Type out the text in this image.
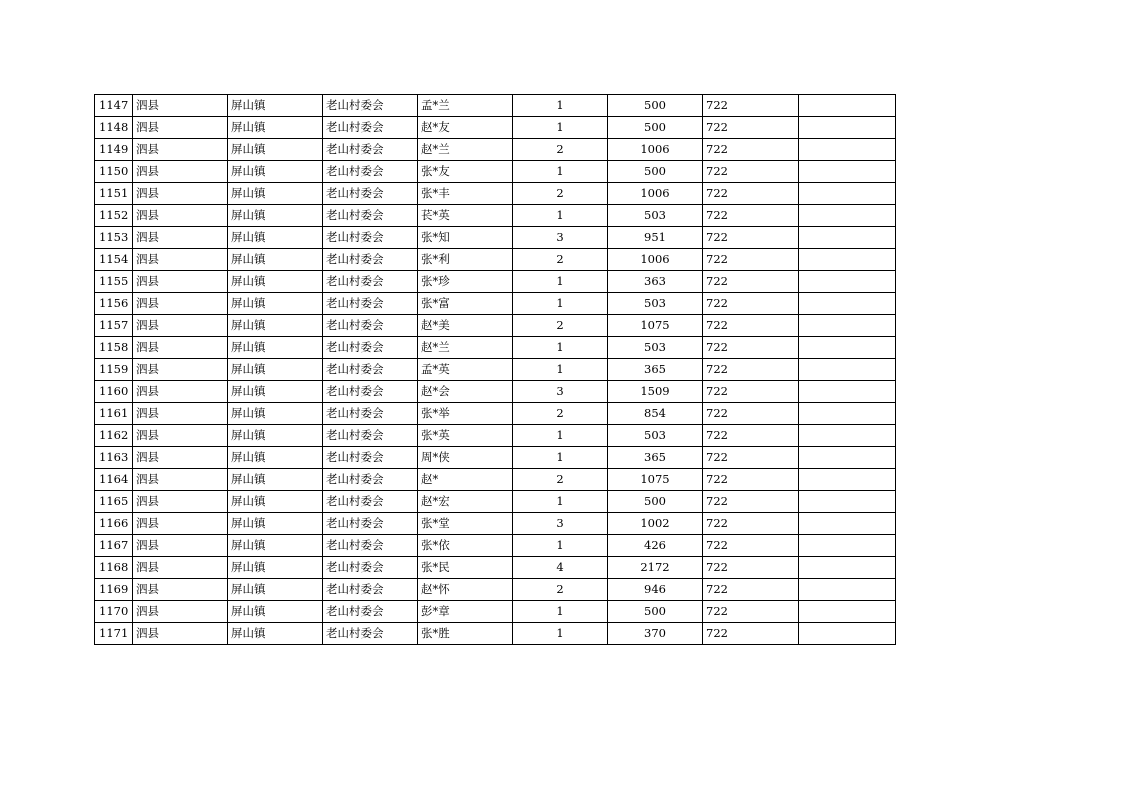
1147	泗县	屏山镇	老山村委会	孟*兰	1	500	722	
1148	泗县	屏山镇	老山村委会	赵*友	1	500	722	
1149	泗县	屏山镇	老山村委会	赵*兰	2	1006	722	
1150	泗县	屏山镇	老山村委会	张*友	1	500	722	
1151	泗县	屏山镇	老山村委会	张*丰	2	1006	722	
1152	泗县	屏山镇	老山村委会	苌*英	1	503	722	
1153	泗县	屏山镇	老山村委会	张*知	3	951	722	
1154	泗县	屏山镇	老山村委会	张*利	2	1006	722	
1155	泗县	屏山镇	老山村委会	张*珍	1	363	722	
1156	泗县	屏山镇	老山村委会	张*富	1	503	722	
1157	泗县	屏山镇	老山村委会	赵*美	2	1075	722	
1158	泗县	屏山镇	老山村委会	赵*兰	1	503	722	
1159	泗县	屏山镇	老山村委会	孟*英	1	365	722	
1160	泗县	屏山镇	老山村委会	赵*会	3	1509	722	
1161	泗县	屏山镇	老山村委会	张*举	2	854	722	
1162	泗县	屏山镇	老山村委会	张*英	1	503	722	
1163	泗县	屏山镇	老山村委会	周*侠	1	365	722	
1164	泗县	屏山镇	老山村委会	赵*	2	1075	722	
1165	泗县	屏山镇	老山村委会	赵*宏	1	500	722	
1166	泗县	屏山镇	老山村委会	张*堂	3	1002	722	
1167	泗县	屏山镇	老山村委会	张*依	1	426	722	
1168	泗县	屏山镇	老山村委会	张*民	4	2172	722	
1169	泗县	屏山镇	老山村委会	赵*怀	2	946	722	
1170	泗县	屏山镇	老山村委会	彭*章	1	500	722	
1171	泗县	屏山镇	老山村委会	张*胜	1	370	722	
